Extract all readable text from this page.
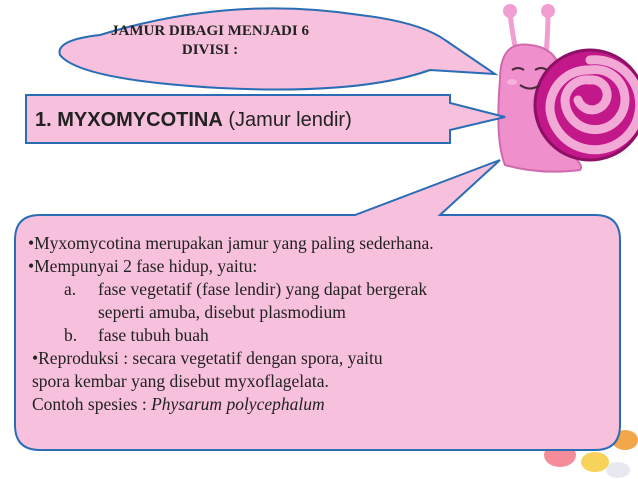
JAMUR DIBAGI MENJADI 6
DIVISI :
1. MYXOMYCOTINA (Jamur lendir)
•Myxomycotina merupakan jamur yang paling sederhana.
•Mempunyai 2 fase hidup, yaitu:
a. fase vegetatif (fase lendir) yang dapat bergerak
seperti amuba, disebut plasmodium
b. fase tubuh buah
•Reproduksi : secara vegetatif dengan spora, yaitu
spora kembar yang disebut myxoflagelata.
Contoh spesies : Physarum polycephalum
